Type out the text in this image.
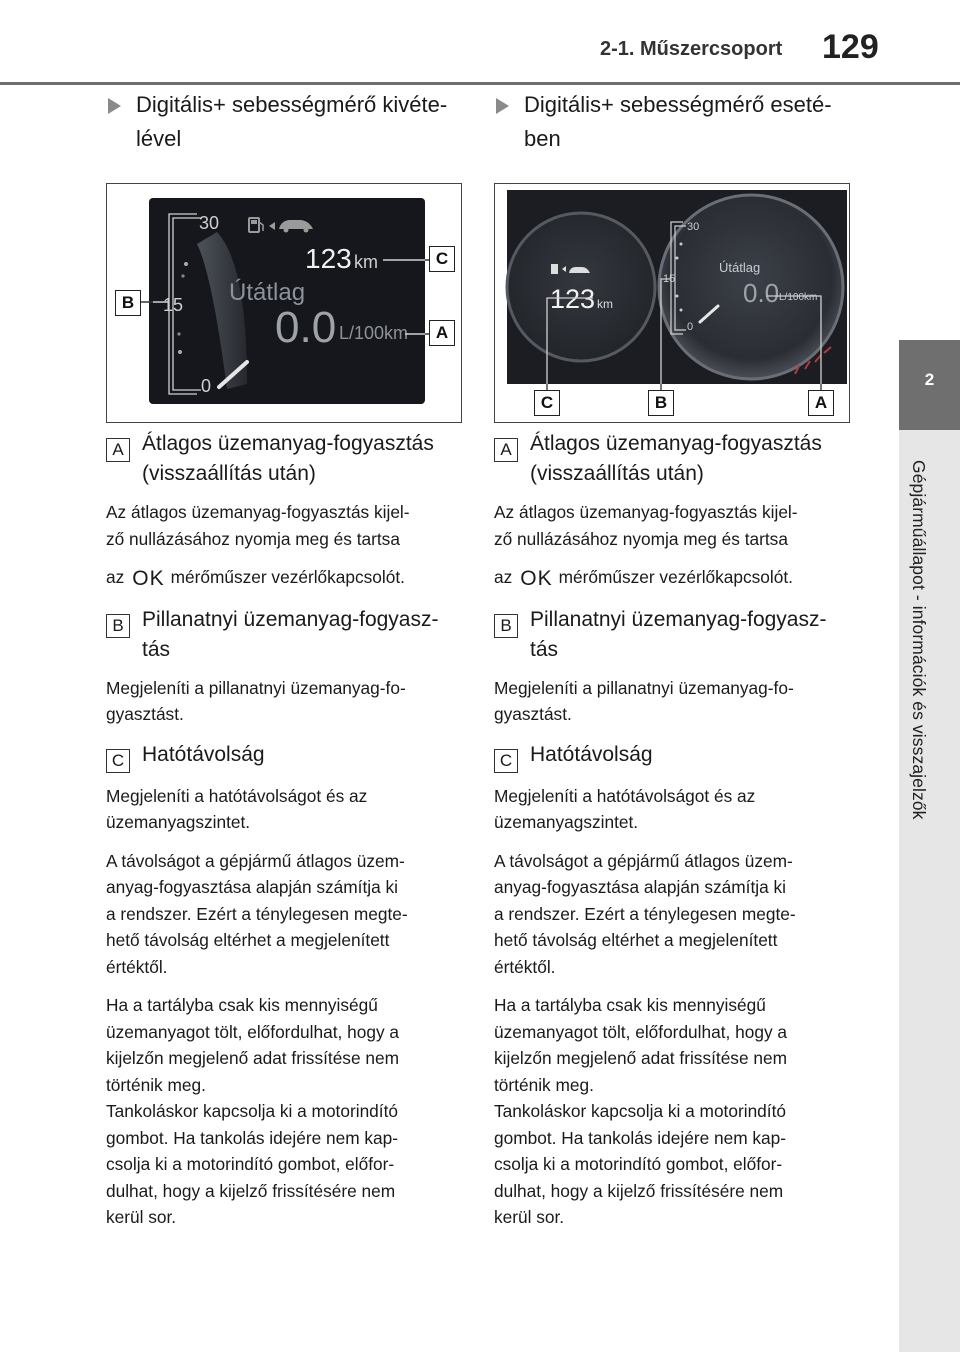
2-1. Műszercsoport 129
2
Gépjárműállapot - információk és visszajelzők
Digitális+ sebességmérő kivéte-
lével
30
15
0
123 km
Útátlag
0.0 L/100km
B
C
A
A Átlagos üzemanyag-fogyasztás
(visszaállítás után)

Az átlagos üzemanyag-fogyasztás kijel-
ző nullázásához nyomja meg és tartsa

az OK mérőműszer vezérlőkapcsolót.

B Pillanatnyi üzemanyag-fogyasz-
tás

Megjeleníti a pillanatnyi üzemanyag-fo-
gyasztást.

C Hatótávolság

Megjeleníti a hatótávolságot és az
üzemanyagszintet.

A távolságot a gépjármű átlagos üzem-
anyag-fogyasztása alapján számítja ki
a rendszer. Ezért a ténylegesen megte-
hető távolság eltérhet a megjelenített
értéktől.

Ha a tartályba csak kis mennyiségű
üzemanyagot tölt, előfordulhat, hogy a
kijelzőn megjelenő adat frissítése nem
történik meg.
Tankoláskor kapcsolja ki a motorindító
gombot. Ha tankolás idejére nem kap-
csolja ki a motorindító gombot, előfor-
dulhat, hogy a kijelző frissítésére nem
kerül sor.

Digitális+ sebességmérő eseté-
ben
123 km
30
15
0
Útátlag
0.0 L/100km
C	B	A
A Átlagos üzemanyag-fogyasztás
(visszaállítás után)

Az átlagos üzemanyag-fogyasztás kijel-
ző nullázásához nyomja meg és tartsa

az OK mérőműszer vezérlőkapcsolót.

B Pillanatnyi üzemanyag-fogyasz-
tás

Megjeleníti a pillanatnyi üzemanyag-fo-
gyasztást.

C Hatótávolság

Megjeleníti a hatótávolságot és az
üzemanyagszintet.

A távolságot a gépjármű átlagos üzem-
anyag-fogyasztása alapján számítja ki
a rendszer. Ezért a ténylegesen megte-
hető távolság eltérhet a megjelenített
értéktől.

Ha a tartályba csak kis mennyiségű
üzemanyagot tölt, előfordulhat, hogy a
kijelzőn megjelenő adat frissítése nem
történik meg.
Tankoláskor kapcsolja ki a motorindító
gombot. Ha tankolás idejére nem kap-
csolja ki a motorindító gombot, előfor-
dulhat, hogy a kijelző frissítésére nem
kerül sor.
